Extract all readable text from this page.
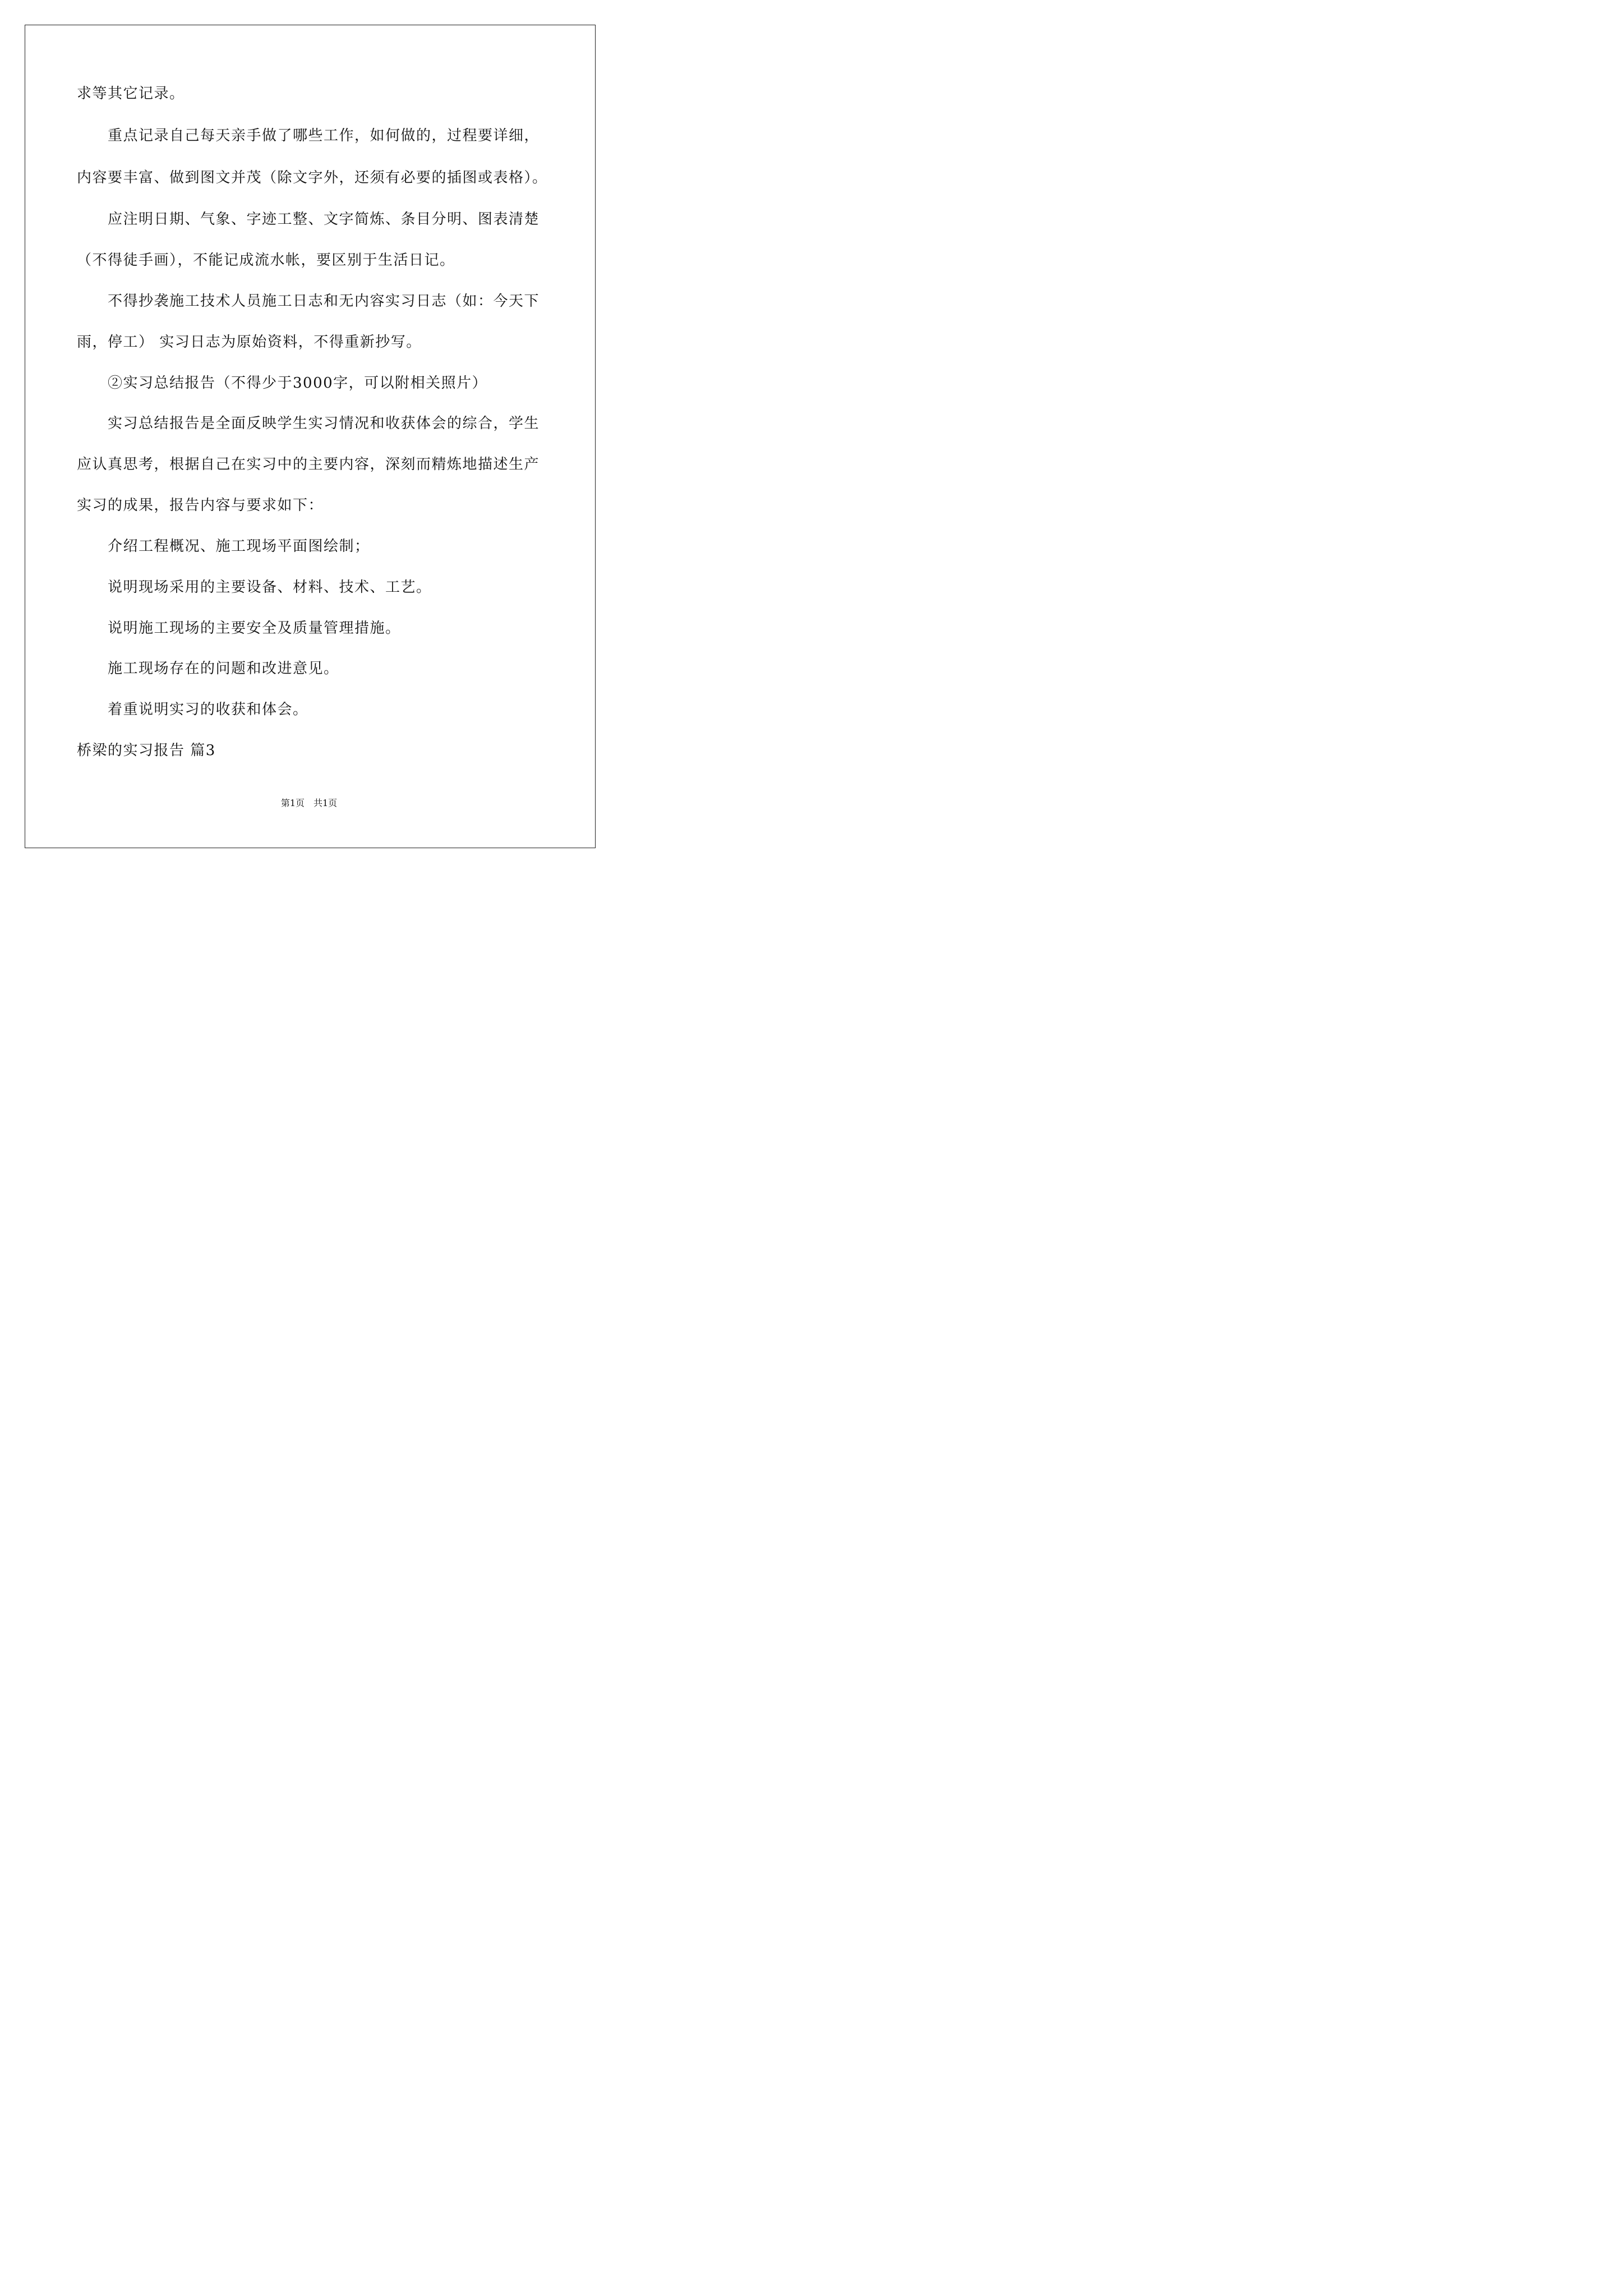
求等其它记录。
重点记录自己每天亲手做了哪些工作，如何做的，过程要详细，
内容要丰富、做到图文并茂（除文字外，还须有必要的插图或表格）。
应注明日期、气象、字迹工整、文字简炼、条目分明、图表清楚
（不得徒手画），不能记成流水帐，要区别于生活日记。
不得抄袭施工技术人员施工日志和无内容实习日志（如：今天下
雨，停工） 实习日志为原始资料，不得重新抄写。
②实习总结报告（不得少于3000字，可以附相关照片）
实习总结报告是全面反映学生实习情况和收获体会的综合，学生
应认真思考，根据自己在实习中的主要内容，深刻而精炼地描述生产
实习的成果，报告内容与要求如下：
介绍工程概况、施工现场平面图绘制；
说明现场采用的主要设备、材料、技术、工艺。
说明施工现场的主要安全及质量管理措施。
施工现场存在的问题和改进意见。
着重说明实习的收获和体会。
桥梁的实习报告 篇3
第1页　共1页
